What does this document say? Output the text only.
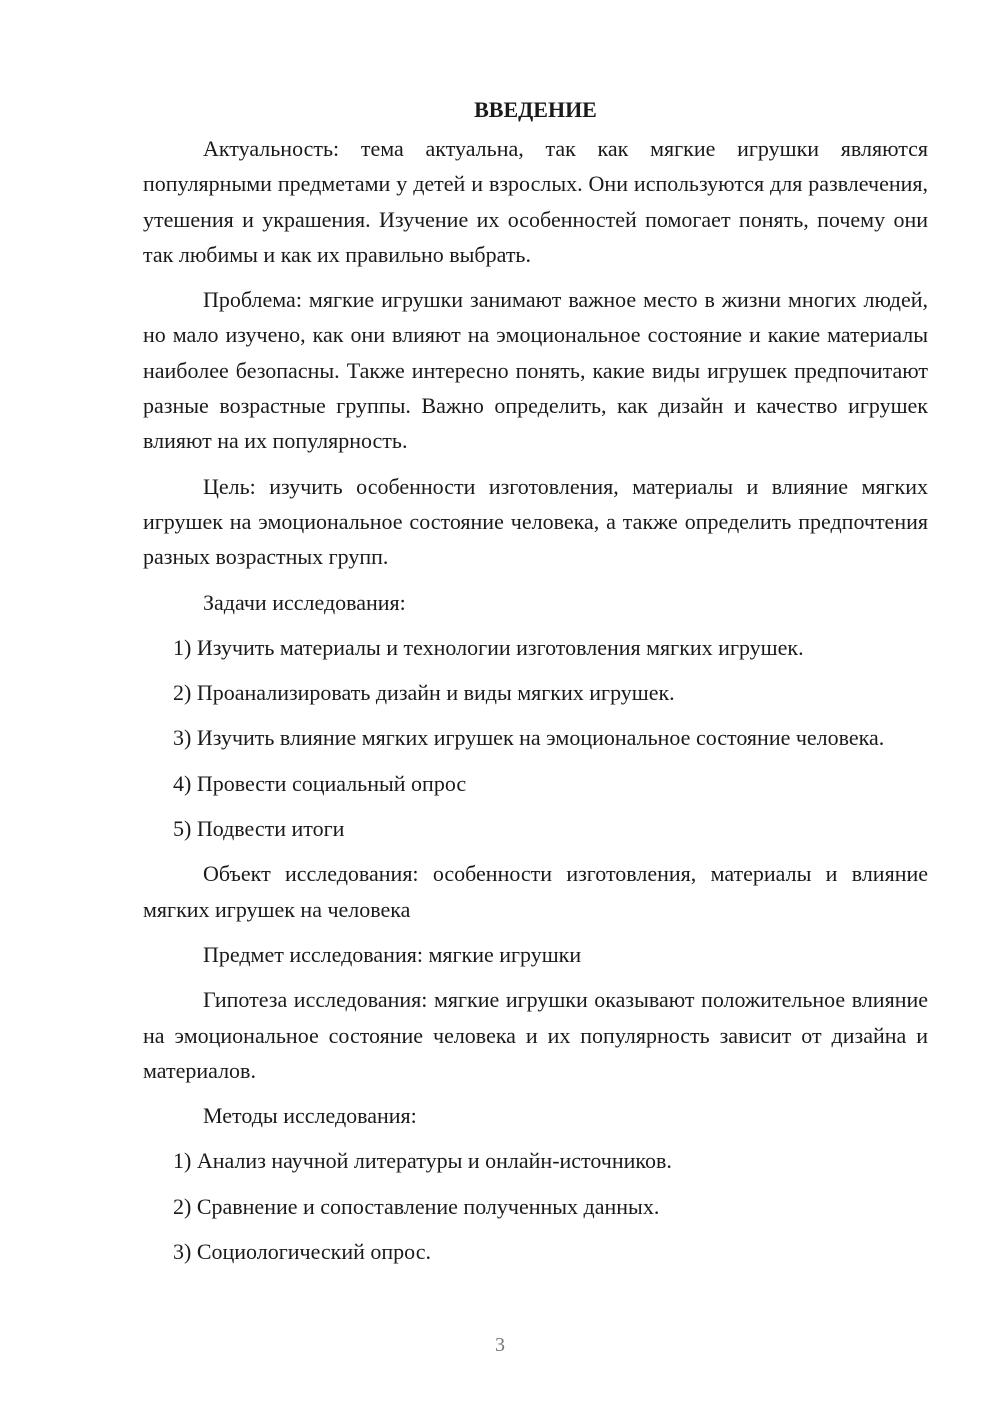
ВВЕДЕНИЕ

Актуальность: тема актуальна, так как мягкие игрушки являются популярными предметами у детей и взрослых. Они используются для развлечения, утешения и украшения. Изучение их особенностей помогает понять, почему они так любимы и как их правильно выбрать.

Проблема: мягкие игрушки занимают важное место в жизни многих людей, но мало изучено, как они влияют на эмоциональное состояние и какие материалы наиболее безопасны. Также интересно понять, какие виды игрушек предпочитают разные возрастные группы. Важно определить, как дизайн и качество игрушек влияют на их популярность.

Цель: изучить особенности изготовления, материалы и влияние мягких игрушек на эмоциональное состояние человека, а также определить предпочтения разных возрастных групп.

Задачи исследования:

1) Изучить материалы и технологии изготовления мягких игрушек.

2) Проанализировать дизайн и виды мягких игрушек.

3) Изучить влияние мягких игрушек на эмоциональное состояние человека.

4) Провести социальный опрос

5) Подвести итоги

Объект исследования: особенности изготовления, материалы и влияние мягких игрушек на человека

Предмет исследования: мягкие игрушки

Гипотеза исследования: мягкие игрушки оказывают положительное влияние на эмоциональное состояние человека и их популярность зависит от дизайна и материалов.

Методы исследования:

1) Анализ научной литературы и онлайн-источников.

2) Сравнение и сопоставление полученных данных.

3) Социологический опрос.

3
